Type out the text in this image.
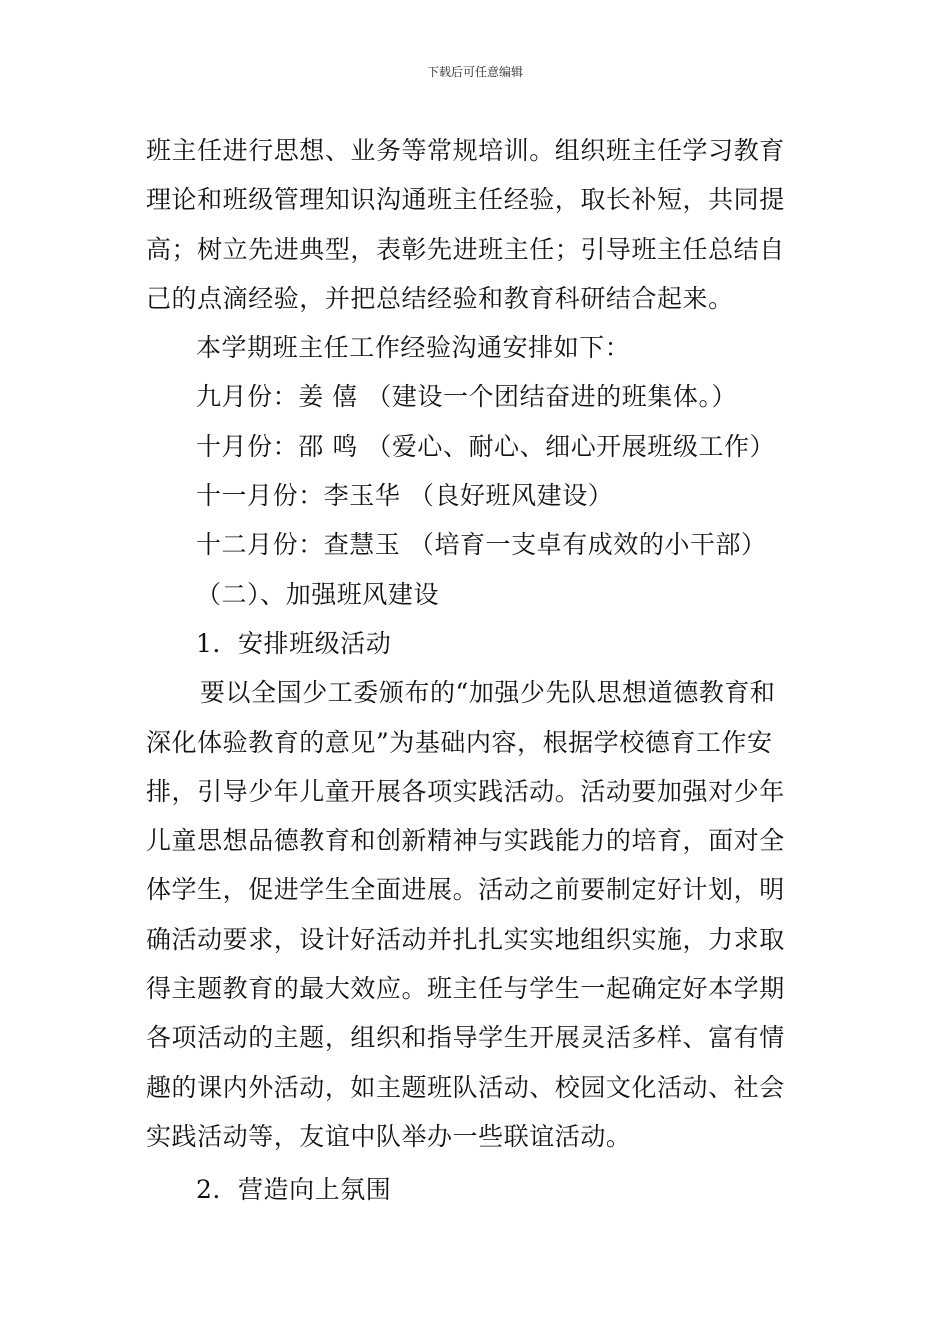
下载后可任意编辑

班主任进行思想、业务等常规培训。组织班主任学习教育

理论和班级管理知识沟通班主任经验，取长补短，共同提

高；树立先进典型，表彰先进班主任；引导班主任总结自

己的点滴经验，并把总结经验和教育科研结合起来。

本学期班主任工作经验沟通安排如下：

九月份：姜 僖 （建设一个团结奋进的班集体。）

十月份：邵 鸣 （爱心、耐心、细心开展班级工作）

十一月份：李玉华 （良好班风建设）

十二月份：查慧玉 （培育一支卓有成效的小干部）

（二）、加强班风建设

1．安排班级活动

要以全国少工委颁布的“加强少先队思想道德教育和

深化体验教育的意见”为基础内容，根据学校德育工作安

排，引导少年儿童开展各项实践活动。活动要加强对少年

儿童思想品德教育和创新精神与实践能力的培育，面对全

体学生，促进学生全面进展。活动之前要制定好计划，明

确活动要求，设计好活动并扎扎实实地组织实施，力求取

得主题教育的最大效应。班主任与学生一起确定好本学期

各项活动的主题，组织和指导学生开展灵活多样、富有情

趣的课内外活动，如主题班队活动、校园文化活动、社会

实践活动等，友谊中队举办一些联谊活动。

2．营造向上氛围
